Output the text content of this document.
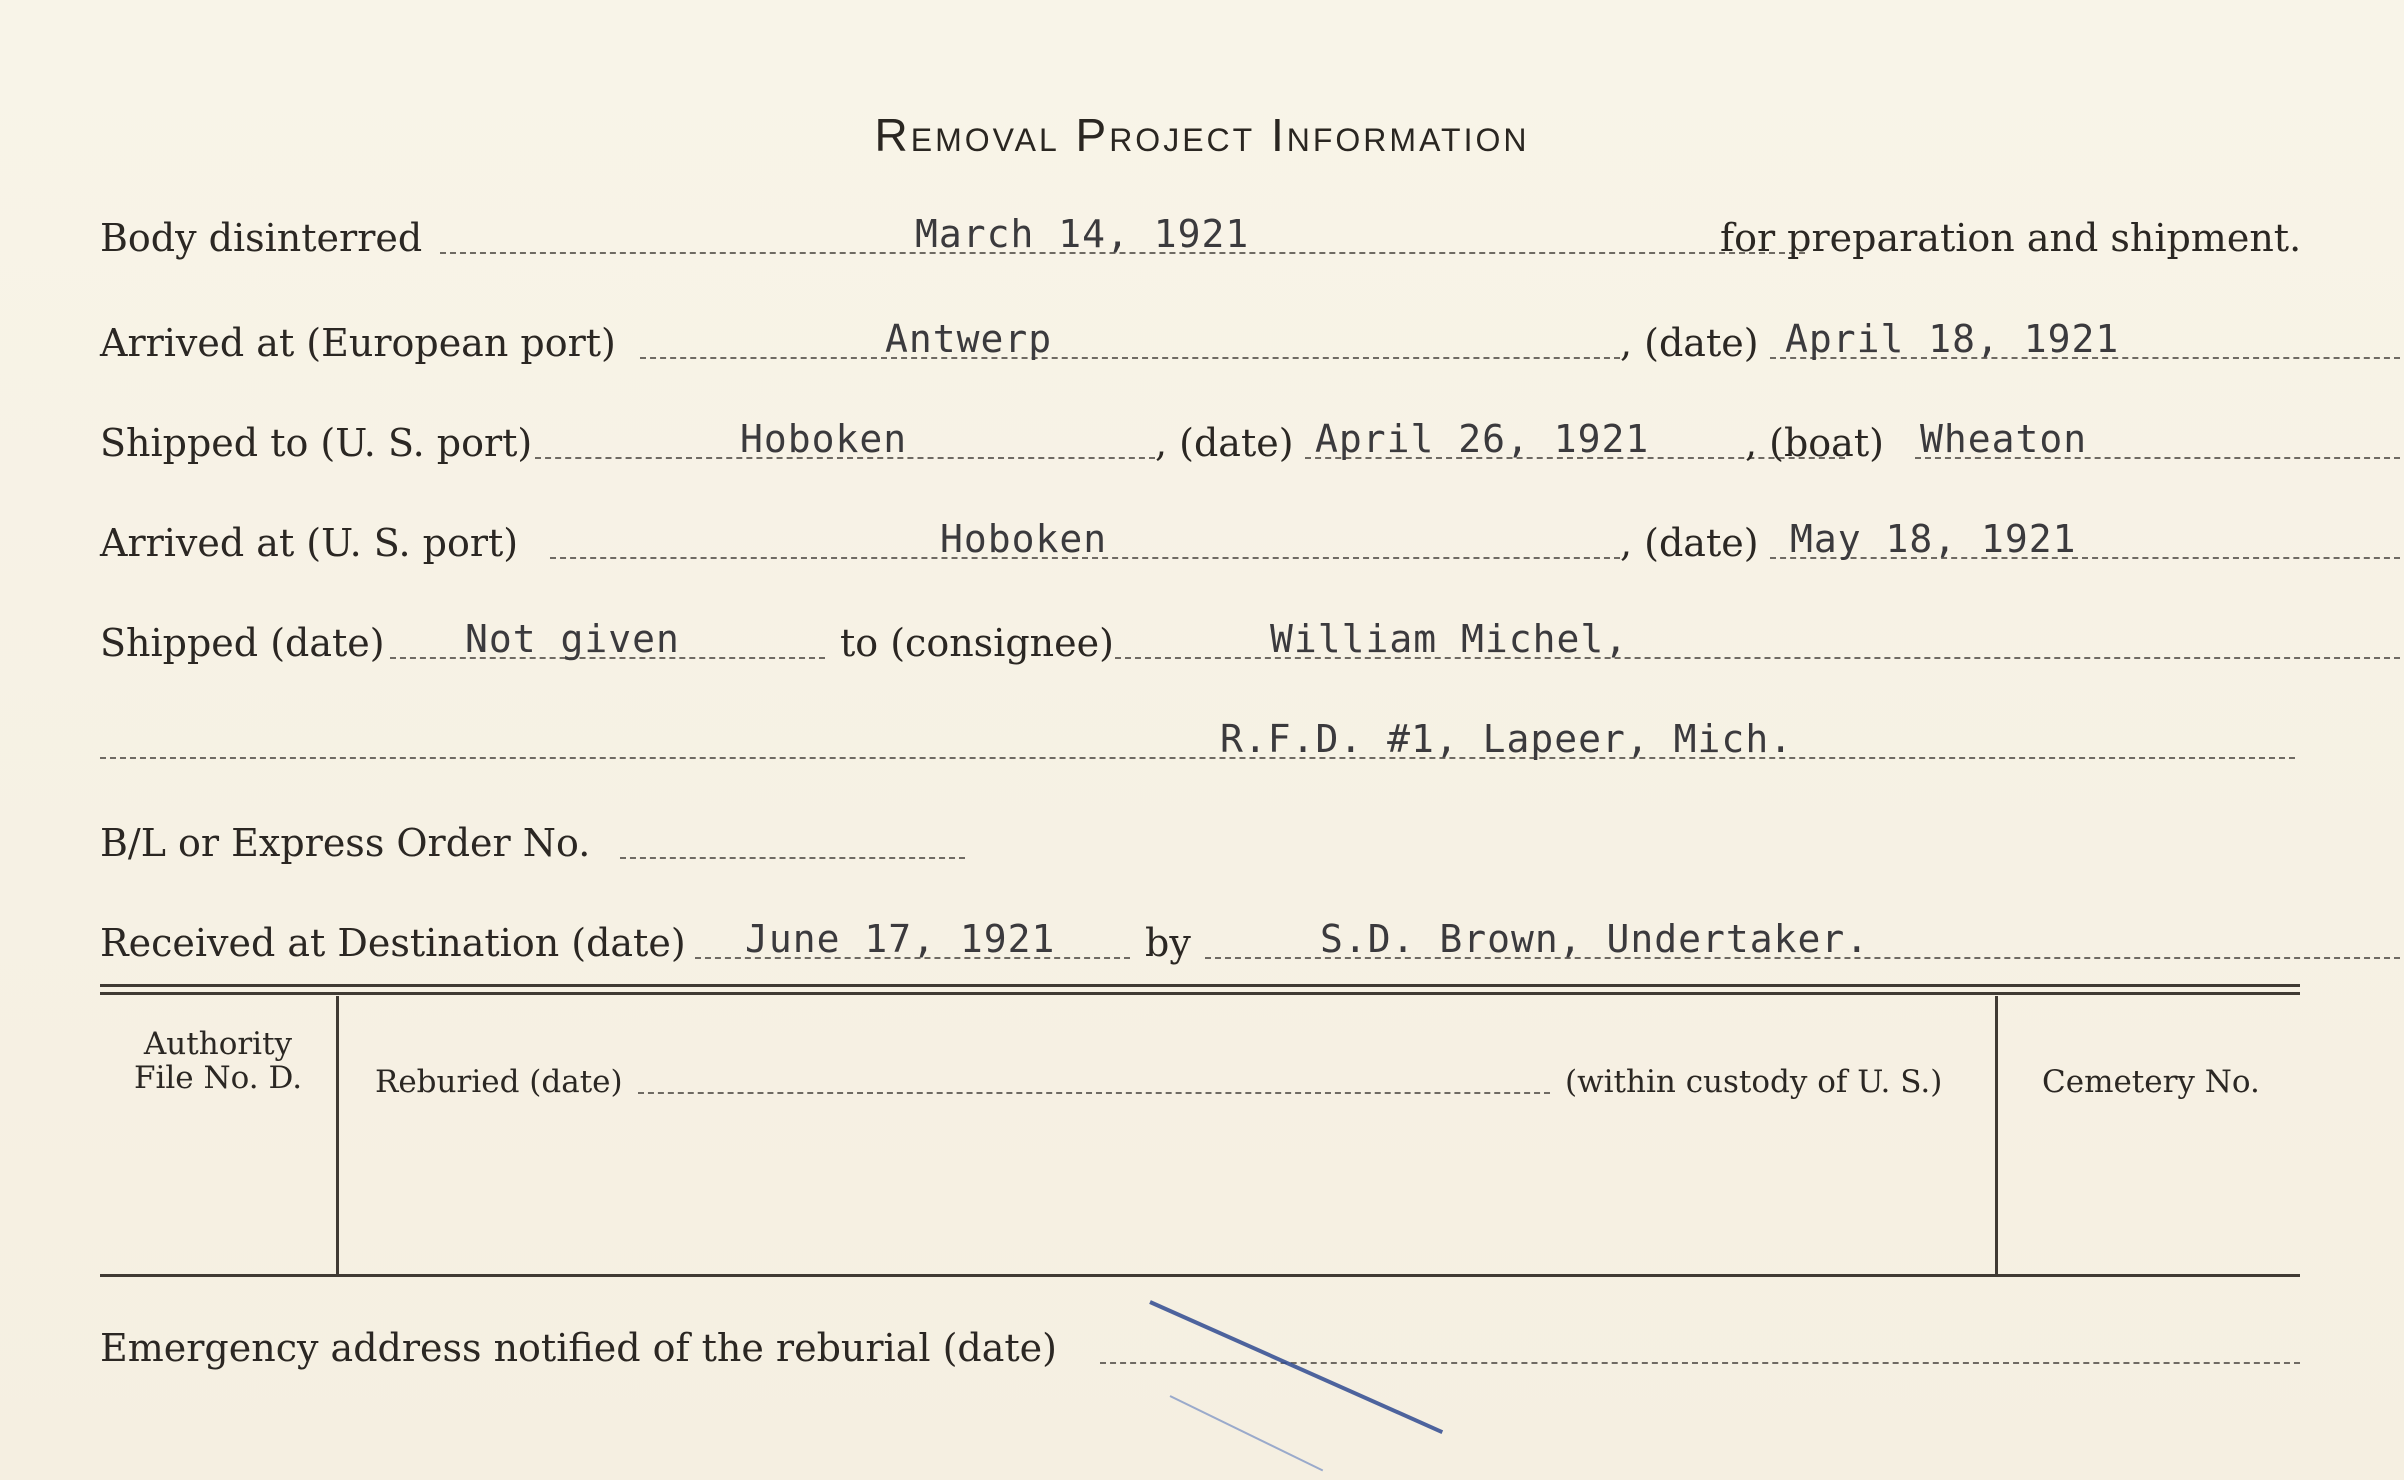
Removal Project Information
Body disinterred	March 14, 1921	for preparation and shipment.
Arrived at (European port)	Antwerp	, (date) April 18, 1921
Shipped to (U. S. port)	Hoboken	, (date) April 26, 1921	, (boat) Wheaton
Arrived at (U. S. port)	Hoboken	, (date) May 18, 1921
Shipped (date) Not given	to (consignee)	William Michel,
R.F.D. #1, Lapeer, Mich.
B/L or Express Order No.
Received at Destination (date) June 17, 1921 by	S.D. Brown, Undertaker.
Authority
File No. D.	Reburied (date)	(within custody of U. S.)	Cemetery No.
Emergency address notified of the reburial (date)
